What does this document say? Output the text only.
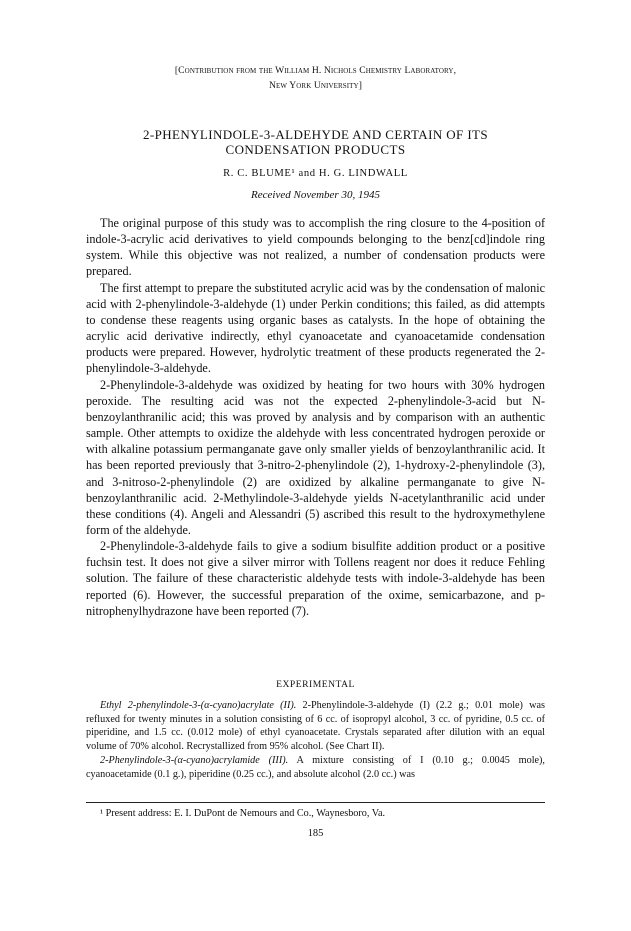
[Contribution from the William H. Nichols Chemistry Laboratory,
New York University]
2-PHENYLINDOLE-3-ALDEHYDE AND CERTAIN OF ITS
CONDENSATION PRODUCTS
R. C. BLUME¹ and H. G. LINDWALL
Received November 30, 1945

The original purpose of this study was to accomplish the ring closure to the 4-position of indole-3-acrylic acid derivatives to yield compounds belonging to the benz[cd]indole ring system. While this objective was not realized, a number of condensation products were prepared.

The first attempt to prepare the substituted acrylic acid was by the condensation of malonic acid with 2-phenylindole-3-aldehyde (1) under Perkin conditions; this failed, as did attempts to condense these reagents using organic bases as catalysts. In the hope of obtaining the acrylic acid derivative indirectly, ethyl cyanoacetate and cyanoacetamide condensation products were prepared. However, hydrolytic treatment of these products regenerated the 2-phenylindole-3-aldehyde.

2-Phenylindole-3-aldehyde was oxidized by heating for two hours with 30% hydrogen peroxide. The resulting acid was not the expected 2-phenylindole-3-acid but N-benzoylanthranilic acid; this was proved by analysis and by comparison with an authentic sample. Other attempts to oxidize the aldehyde with less concentrated hydrogen peroxide or with alkaline potassium permanganate gave only smaller yields of benzoylanthranilic acid. It has been reported previously that 3-nitro-2-phenylindole (2), 1-hydroxy-2-phenylindole (3), and 3-nitroso-2-phenylindole (2) are oxidized by alkaline permanganate to give N-benzoylanthranilic acid. 2-Methylindole-3-aldehyde yields N-acetylanthranilic acid under these conditions (4). Angeli and Alessandri (5) ascribed this result to the hydroxymethylene form of the aldehyde.

2-Phenylindole-3-aldehyde fails to give a sodium bisulfite addition product or a positive fuchsin test. It does not give a silver mirror with Tollens reagent nor does it reduce Fehling solution. The failure of these characteristic aldehyde tests with indole-3-aldehyde has been reported (6). However, the successful preparation of the oxime, semicarbazone, and p-nitrophenylhydrazone have been reported (7).

EXPERIMENTAL

Ethyl 2-phenylindole-3-(α-cyano)acrylate (II). 2-Phenylindole-3-aldehyde (I) (2.2 g.; 0.01 mole) was refluxed for twenty minutes in a solution consisting of 6 cc. of isopropyl alcohol, 3 cc. of pyridine, 0.5 cc. of piperidine, and 1.5 cc. (0.012 mole) of ethyl cyanoacetate. Crystals separated after dilution with an equal volume of 70% alcohol. Recrystallized from 95% alcohol. (See Chart II).

2-Phenylindole-3-(α-cyano)acrylamide (III). A mixture consisting of I (0.10 g.; 0.0045 mole), cyanoacetamide (0.1 g.), piperidine (0.25 cc.), and absolute alcohol (2.0 cc.) was

¹ Present address: E. I. DuPont de Nemours and Co., Waynesboro, Va.
185
